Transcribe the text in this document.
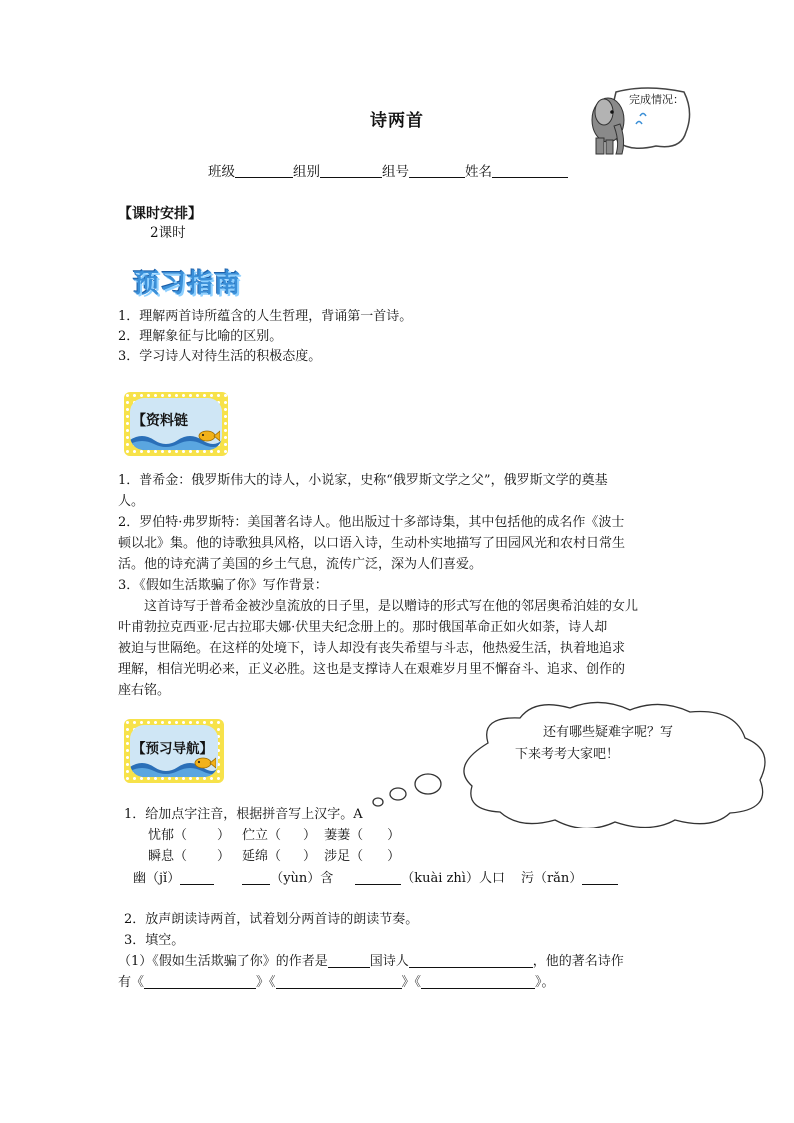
诗两首
完成情况：
班级	组别	组号	姓名
【课时安排】
2课时
预习指南
1．理解两首诗所蕴含的人生哲理，背诵第一首诗。
2．理解象征与比喻的区别。
3．学习诗人对待生活的积极态度。
【资料链
1．普希金：俄罗斯伟大的诗人，小说家，史称“俄罗斯文学之父”，俄罗斯文学的奠基
人。
2．罗伯特·弗罗斯特：美国著名诗人。他出版过十多部诗集，其中包括他的成名作《波士
顿以北》集。他的诗歌独具风格，以口语入诗，生动朴实地描写了田园风光和农村日常生
活。他的诗充满了美国的乡土气息，流传广泛，深为人们喜爱。
3．《假如生活欺骗了你》写作背景：
这首诗写于普希金被沙皇流放的日子里，是以赠诗的形式写在他的邻居奥希泊娃的女儿
叶甫勃拉克西亚·尼古拉耶夫娜·伏里夫纪念册上的。那时俄国革命正如火如荼，诗人却
被迫与世隔绝。在这样的处境下，诗人却没有丧失希望与斗志，他热爱生活，执着地追求
理解，相信光明必来，正义必胜。这也是支撑诗人在艰难岁月里不懈奋斗、追求、创作的
座右铭。
还有哪些疑难字呢？写
下来考考大家吧！
【预习导航】
1．给加点字注音，根据拼音写上汉字。A
忧郁（ ） 伫立（ ） 萋萋（ ）
瞬息（ ） 延绵（ ） 涉足（ ）
幽（jǐ）	（yùn）含	（kuài zhì）人口 污（rǎn）
2．放声朗读诗两首，试着划分两首诗的朗读节奏。
3．填空。
（1）《假如生活欺骗了你》的作者是	国诗人	，他的著名诗作
有《	》《	》《	》。
